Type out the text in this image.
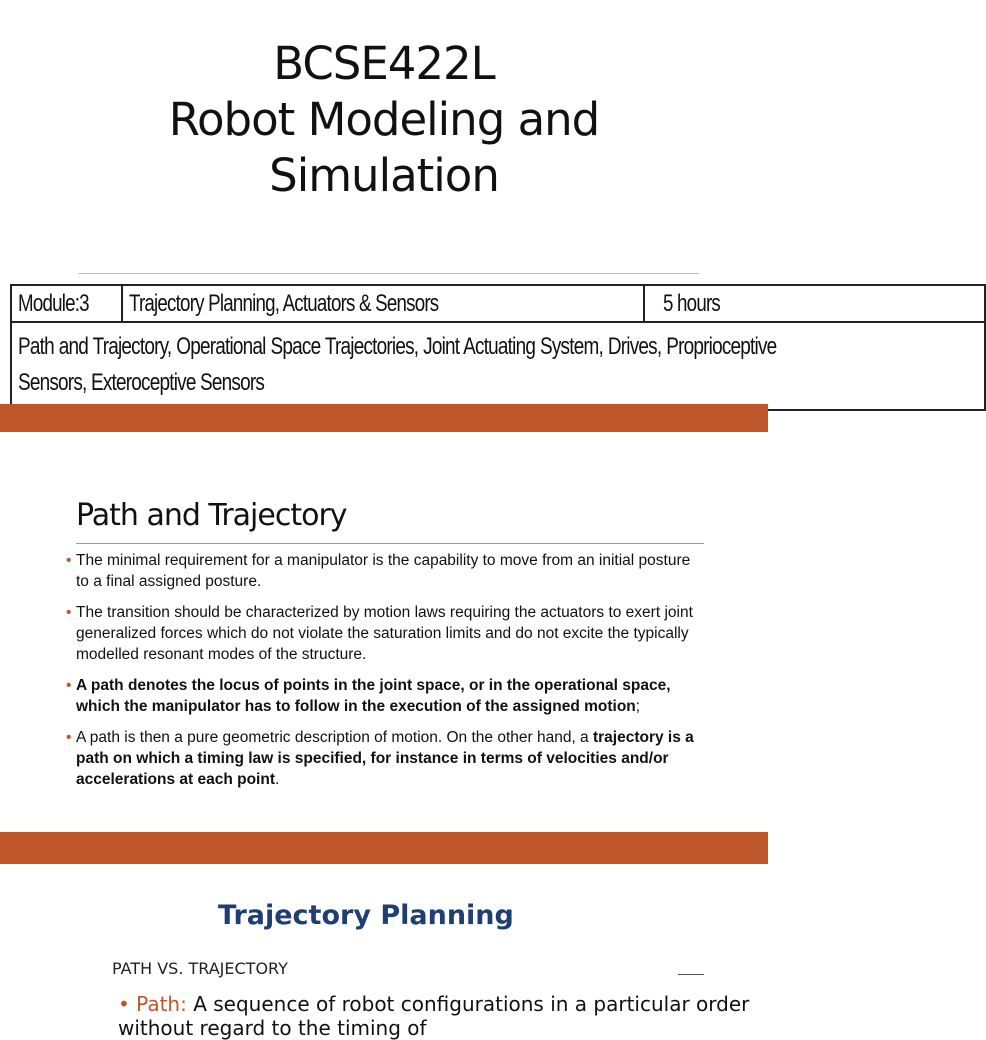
BCSE422L
Robot Modeling and
Simulation
Module:3	Trajectory Planning, Actuators & Sensors	5 hours

Path and Trajectory, Operational Space Trajectories, Joint Actuating System, Drives, Proprioceptive Sensors, Exteroceptive Sensors
Path and Trajectory
• The minimal requirement for a manipulator is the capability to move from an initial posture to a final assigned posture.
• The transition should be characterized by motion laws requiring the actuators to exert joint generalized forces which do not violate the saturation limits and do not excite the typically modelled resonant modes of the structure.
• A path denotes the locus of points in the joint space, or in the operational space, which the manipulator has to follow in the execution of the assigned motion;
• A path is then a pure geometric description of motion. On the other hand, a trajectory is a path on which a timing law is specified, for instance in terms of velocities and/or accelerations at each point.
Trajectory Planning
PATH VS. TRAJECTORY
• Path: A sequence of robot configurations in a particular order without regard to the timing of
